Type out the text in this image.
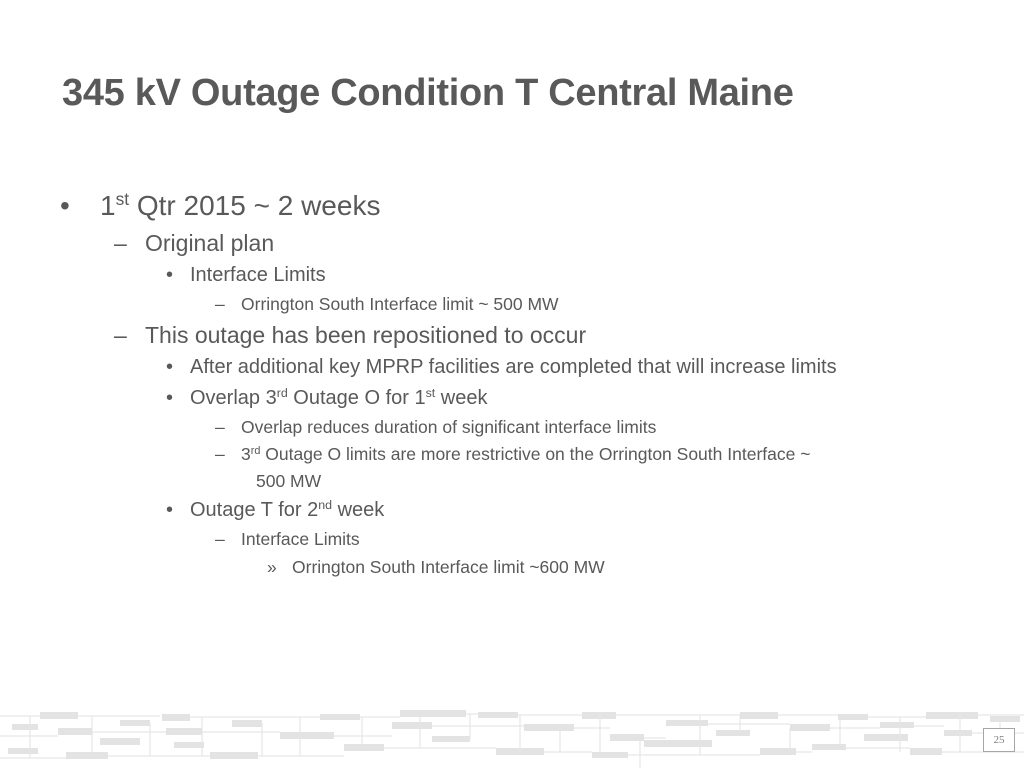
345 kV Outage Condition T Central Maine
• 1st Qtr 2015 ~ 2 weeks
– Original plan
• Interface Limits
– Orrington South Interface limit ~ 500 MW
– This outage has been repositioned to occur
• After additional key MPRP facilities are completed that will increase limits
• Overlap 3rd Outage O for 1st week
– Overlap reduces duration of significant interface limits
– 3rd Outage O limits are more restrictive on the Orrington South Interface ~
500 MW
• Outage T for 2nd week
– Interface Limits
» Orrington South Interface limit ~600 MW
25
